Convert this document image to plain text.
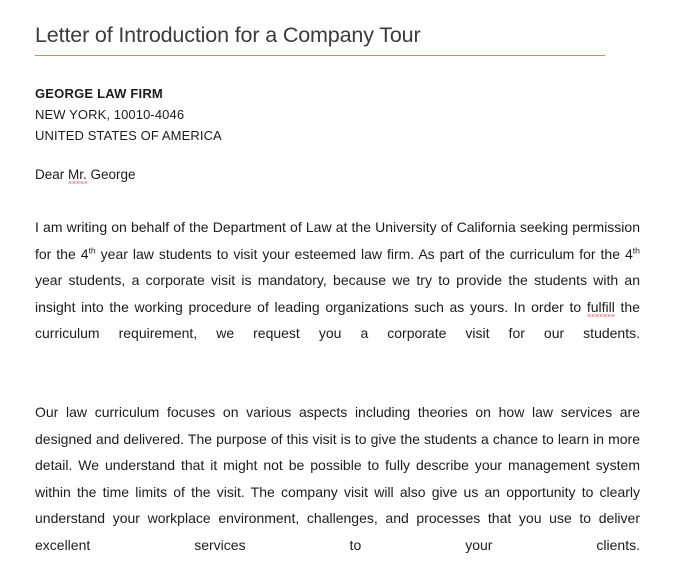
Letter of Introduction for a Company Tour
GEORGE LAW FIRM
NEW YORK, 10010-4046
UNITED STATES OF AMERICA
Dear Mr. George

I am writing on behalf of the Department of Law at the University of California seeking permission for the 4th year law students to visit your esteemed law firm. As part of the curriculum for the 4th year students, a corporate visit is mandatory, because we try to provide the students with an insight into the working procedure of leading organizations such as yours. In order to fulfill the curriculum requirement, we request you a corporate visit for our students.

Our law curriculum focuses on various aspects including theories on how law services are designed and delivered. The purpose of this visit is to give the students a chance to learn in more detail. We understand that it might not be possible to fully describe your management system within the time limits of the visit. The company visit will also give us an opportunity to clearly understand your workplace environment, challenges, and processes that you use to deliver excellent services to your clients.
